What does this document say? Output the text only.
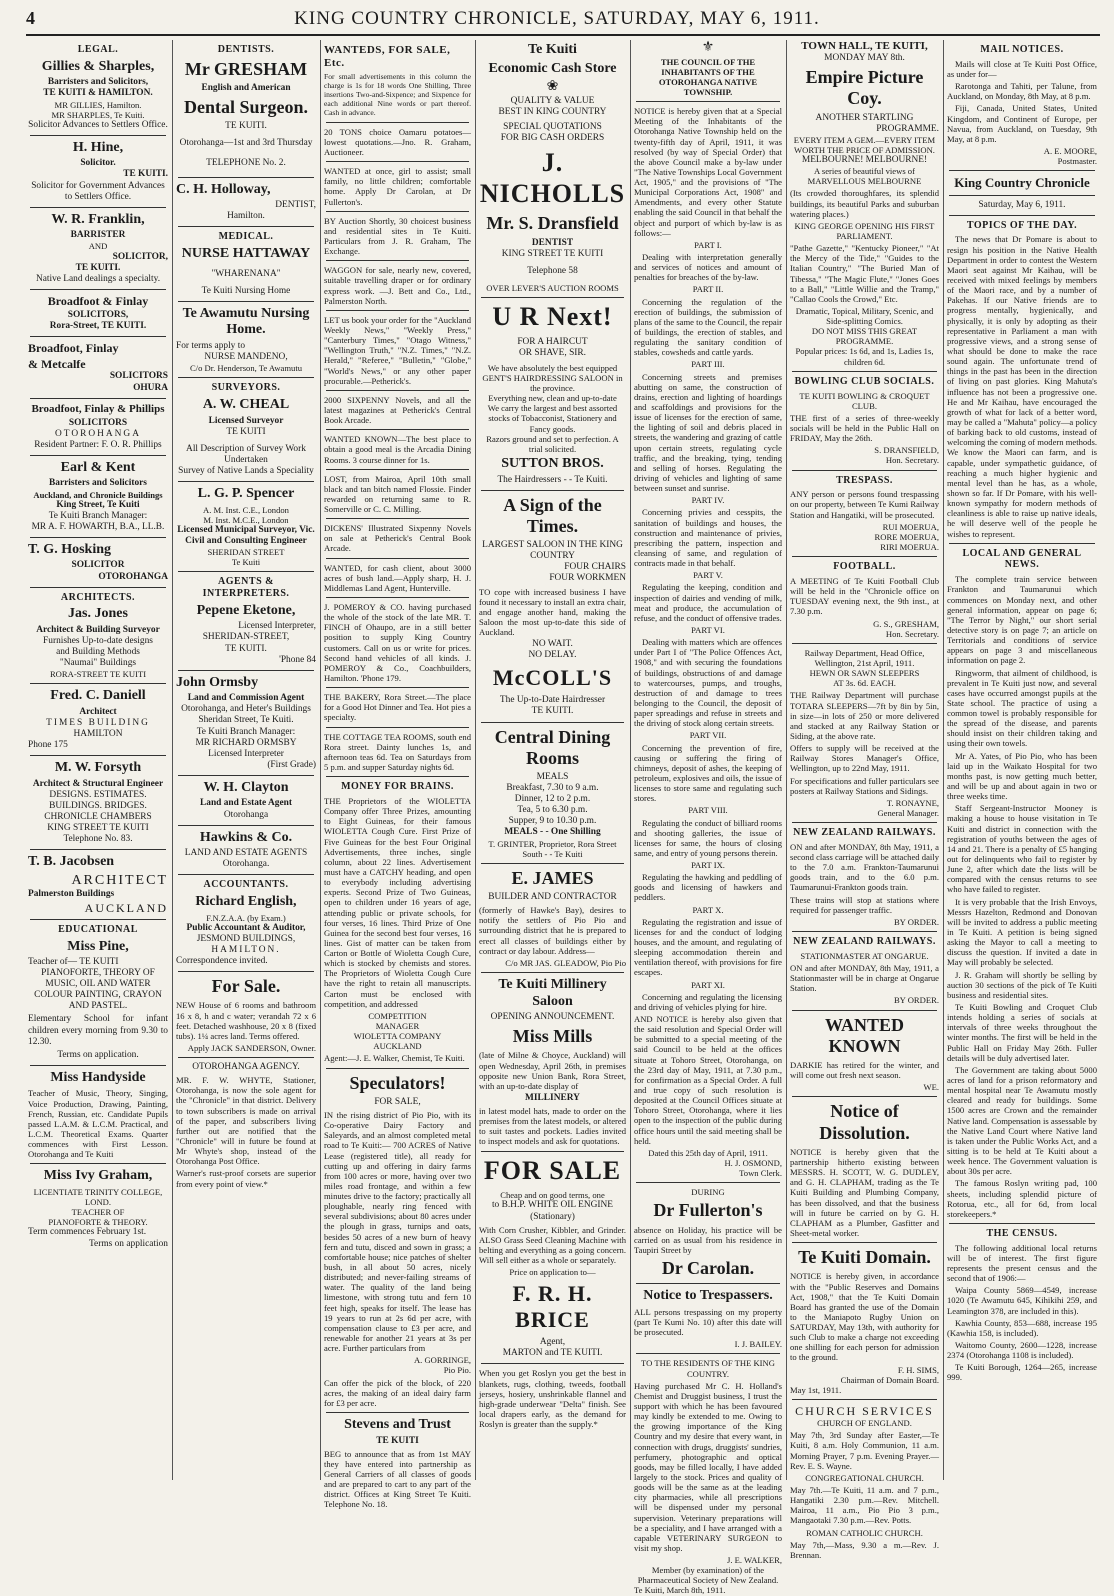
4	KING COUNTRY CHRONICLE, SATURDAY, MAY 6, 1911.
LEGAL.
Gillies & Sharples,
Barristers and Solicitors,
TE KUITI & HAMILTON.
MR GILLIES, Hamilton.
MR SHARPLES, Te Kuiti.
Solicitor Advances to Settlers Office.
H. Hine,
Solicitor.
TE KUITI.
Solicitor for Government Advances to Settlers Office.
W. R. Franklin,
BARRISTER
AND
SOLICITOR,
TE KUITI.
Native Land dealings a specialty.
Broadfoot & Finlay
SOLICITORS,
Rora-Street, TE KUITI.
Broadfoot, Finlay
& Metcalfe
SOLICITORS
OHURA
Broadfoot, Finlay & Phillips
SOLICITORS
OTOROHANGA
Resident Partner: F. O. R. Phillips
Earl & Kent
Barristers and Solicitors
Auckland, and Chronicle Buildings
King Street, Te Kuiti
Te Kuiti Branch Manager:
MR A. F. HOWARTH, B.A., LL.B.
T. G. Hosking
SOLICITOR
OTOROHANGA
ARCHITECTS.
Jas. Jones
Architect & Building Surveyor
Furnishes Up-to-date designs
and Building Methods
"Naumai" Buildings
RORA-STREET TE KUITI
Fred. C. Daniell
Architect
TIMES BUILDING
HAMILTON
Phone 175
M. W. Forsyth
Architect & Structural Engineer
DESIGNS. ESTIMATES.
BUILDINGS. BRIDGES.
CHRONICLE CHAMBERS
KING STREET TE KUITI
Telephone No. 83.
T. B. Jacobsen
ARCHITECT
Palmerston Buildings
AUCKLAND
EDUCATIONAL
Miss Pine,
Teacher of— TE KUITI
PIANOFORTE, THEORY OF MUSIC, OIL AND WATER COLOUR PAINTING, CRAYON AND PASTEL.
Elementary School for infant children every morning from 9.30 to 12.30.
Terms on application.
Miss Handyside
Teacher of Music, Theory, Singing, Voice Production, Drawing, Painting, French, Russian, etc. Candidate Pupils passed L.A.M. & L.C.M. Practical, and L.C.M. Theoretical Exams. Quarter commences with First Lesson. Otorohanga and Te Kuiti
Miss Ivy Graham,
LICENTIATE TRINITY COLLEGE, LOND.
TEACHER OF
PIANOFORTE & THEORY.
Term commences February 1st.
Terms on application
DENTISTS.
Mr GRESHAM
English and American
Dental Surgeon.
TE KUITI.
Otorohanga—1st and 3rd Thursday
TELEPHONE No. 2.
C. H. Holloway,
DENTIST,
Hamilton.
MEDICAL.
NURSE HATTAWAY
"WHARENANA"
Te Kuiti Nursing Home
Te Awamutu Nursing Home.
For terms apply to
NURSE MANDENO,
C/o Dr. Henderson, Te Awamutu
SURVEYORS.
A. W. CHEAL
Licensed Surveyor
TE KUITI
All Description of Survey Work Undertaken
Survey of Native Lands a Speciality
L. G. P. Spencer
A. M. Inst. C.E., London
M. Inst. M.C.E., London
Licensed Municipal Surveyor, Vic. Civil and Consulting Engineer
SHERIDAN STREET
Te Kuiti
AGENTS & INTERPRETERS.
Pepene Eketone,
Licensed Interpreter,
SHERIDAN-STREET,
TE KUITI.
'Phone 84
John Ormsby
Land and Commission Agent
Otorohanga, and Heter's Buildings Sheridan Street, Te Kuiti.
Te Kuiti Branch Manager:
MR RICHARD ORMSBY
Licensed Interpreter
(First Grade)
W. H. Clayton
Land and Estate Agent
Otorohanga
Hawkins & Co.
LAND AND ESTATE AGENTS
Otorohanga.
ACCOUNTANTS.
Richard English,
F.N.Z.A.A. (by Exam.)
Public Accountant & Auditor,
JESMOND BUILDINGS,
HAMILTON.
Correspondence invited.
For Sale.
NEW House of 6 rooms and bathroom 16 x 8, h and c water; verandah 72 x 6 feet. Detached washhouse, 20 x 8 (fixed tubs). 1¼ acres land. Terms offered.
Apply JACK SANDERSON, Owner.
OTOROHANGA AGENCY.
MR. F. W. WHYTE, Stationer, Otorohanga, is now the sole agent for the "Chronicle" in that district. Delivery to town subscribers is made on arrival of the paper, and subscribers living further out are notified that the "Chronicle" will in future be found at Mr Whyte's shop, instead of the Otorohanga Post Office.
Warner's rust-proof corsets are superior from every point of view.*
WANTEDS, FOR SALE, Etc.
For small advertisements in this column the charge is 1s for 18 words One Shilling, Three insertions Two-and-Sixpence; and Sixpence for each additional Nine words or part thereof. Cash in advance.
20 TONS choice Oamaru potatoes—lowest quotations.—Jno. R. Graham, Auctioneer.
WANTED at once, girl to assist; small family, no little children; comfortable home. Apply Dr Carolan, at Dr Fullerton's.
BY Auction Shortly, 30 choicest business and residential sites in Te Kuiti. Particulars from J. R. Graham, The Exchange.
WAGGON for sale, nearly new, covered, suitable travelling draper or for ordinary express work. —J. Bett and Co., Ltd., Palmerston North.
LET us book your order for the "Auckland Weekly News," "Weekly Press," "Canterbury Times," "Otago Witness," "Wellington Truth," "N.Z. Times," "N.Z. Herald," "Referee," "Bulletin," "Globe," "World's News," or any other paper procurable.—Petherick's.
2000 SIXPENNY Novels, and all the latest magazines at Petherick's Central Book Arcade.
WANTED KNOWN—The best place to obtain a good meal is the Arcadia Dining Rooms. 3 course dinner for 1s.
LOST, from Mairoa, April 10th small black and tan bitch named Flossie. Finder rewarded on returning same to R. Somerville or C. C. Milling.
DICKENS' Illustrated Sixpenny Novels on sale at Petherick's Central Book Arcade.
WANTED, for cash client, about 3000 acres of bush land.—Apply sharp, H. J. Middlemas Land Agent, Hunterville.
J. POMEROY & CO. having purchased the whole of the stock of the late MR. T. FINCH of Ohaupo, are in a still better position to supply King Country customers. Call on us or write for prices. Second hand vehicles of all kinds. J. POMEROY & Co., Coachbuilders, Hamilton. 'Phone 179.
THE BAKERY, Rora Street.—The place for a Good Hot Dinner and Tea. Hot pies a specialty.
THE COTTAGE TEA ROOMS, south end Rora street. Dainty lunches 1s, and afternoon teas 6d. Tea on Saturdays from 5 p.m. and supper Saturday nights 6d.
MONEY FOR BRAINS.
THE Proprietors of the WIOLETTA Company offer Three Prizes, amounting to Eight Guineas, for their famous WIOLETTA Cough Cure. First Prize of Five Guineas for the best Four Original Advertisements, three inches, single column, about 22 lines. Advertisement must have a CATCHY heading, and open to everybody including advertising experts. Second Prize of Two Guineas, open to children under 16 years of age, attending public or private schools, for four verses, 16 lines. Third Prize of One Guinea for the second best four verses, 16 lines. Gist of matter can be taken from Carton or Bottle of Wioletta Cough Cure, which is stocked by chemists and stores. The Proprietors of Wioletta Cough Cure have the right to retain all manuscripts. Carton must be enclosed with competition, and addressed
COMPETITION
MANAGER
WIOLETTA COMPANY
AUCKLAND
Agent:—J. E. Walker, Chemist, Te Kuiti.
Speculators!
FOR SALE,
IN the rising district of Pio Pio, with its Co-operative Dairy Factory and Saleyards, and an almost completed metal road to Te Kuiti:— 700 ACRES of Native Lease (registered title), all ready for cutting up and offering in dairy farms from 100 acres or more, having over two miles road frontage, and within a few minutes drive to the factory; practically all ploughable, nearly ring fenced with several subdivisions; about 80 acres under the plough in grass, turnips and oats, besides 50 acres of a new burn of heavy fern and tutu, disced and sown in grass; a comfortable house; nice patches of shelter bush, in all about 50 acres, nicely distributed; and never-failing streams of water. The quality of the land being limestone, with strong tutu and fern 10 feet high, speaks for itself. The lease has 19 years to run at 2s 6d per acre, with compensation clause to £3 per acre, and renewable for another 21 years at 3s per acre. Further particulars from
A. GORRINGE,
Pio Pio.
Can offer the pick of the block, of 220 acres, the making of an ideal dairy farm for £3 per acre.
Stevens and Trust
TE KUITI
BEG to announce that as from 1st MAY they have entered into partnership as General Carriers of all classes of goods and are prepared to cart to any part of the district. Offices at King Street Te Kuiti. Telephone No. 18.
Te Kuiti
Economic Cash Store
❀
QUALITY & VALUE
BEST IN KING COUNTRY
SPECIAL QUOTATIONS
FOR BIG CASH ORDERS
J. NICHOLLS
Mr. S. Dransfield
DENTIST
KING STREET TE KUITI
Telephone 58
OVER LEVER'S AUCTION ROOMS
U R Next!
FOR A HAIRCUT
OR SHAVE, SIR.
We have absolutely the best equipped
GENT'S HAIRDRESSING SALOON in the province.
Everything new, clean and up-to-date
We carry the largest and best assorted stocks of Tobacconist, Stationery and Fancy goods.
Razors ground and set to perfection. A trial solicited.
SUTTON BROS.
The Hairdressers - - Te Kuiti.
A Sign of the Times.
LARGEST SALOON IN THE KING COUNTRY
FOUR CHAIRS
FOUR WORKMEN
TO cope with increased business I have found it necessary to install an extra chair, and engage another hand, making the Saloon the most up-to-date this side of Auckland.
NO WAIT.
NO DELAY.
McCOLL'S
The Up-to-Date Hairdresser
TE KUITI.
Central Dining Rooms
MEALS
Breakfast, 7.30 to 9 a.m.
Dinner, 12 to 2 p.m.
Tea, 5 to 6.30 p.m.
Supper, 9 to 10.30 p.m.
MEALS - - One Shilling
T. GRINTER, Proprietor, Rora Street South - - Te Kuiti
E. JAMES
BUILDER AND CONTRACTOR
(formerly of Hawke's Bay), desires to notify the settlers of Pio Pio and surrounding district that he is prepared to erect all classes of buildings either by contract or day labour. Address—
C/o MR JAS. GLEADOW, Pio Pio
Te Kuiti Millinery Saloon
OPENING ANNOUNCEMENT.
Miss Mills
(late of Milne & Choyce, Auckland) will open Wednesday, April 26th, in premises opposite new Union Bank, Rora Street, with an up-to-date display of
MILLINERY
in latest model hats, made to order on the premises from the latest models, or altered to suit tastes and pockets. Ladies invited to inspect models and ask for quotations.
FOR SALE
Cheap and on good terms, one
to B.H.P. WHITE OIL ENGINE (Stationary)
With Corn Crusher, Kibbler, and Grinder. ALSO Grass Seed Cleaning Machine with belting and everything as a going concern. Will sell either as a whole or separately.
Price on application to—
F. R. H. BRICE
Agent,
MARTON and TE KUITI.
When you get Roslyn you get the best in blankets, rugs, clothing, tweeds, football jerseys, hosiery, unshrinkable flannel and high-grade underwear "Delta" finish. See local drapers early, as the demand for Roslyn is greater than the supply.*
⚜
THE COUNCIL OF THE INHABITANTS OF THE OTOROHANGA NATIVE TOWNSHIP.
NOTICE is hereby given that at a Special Meeting of the Inhabitants of the Otorohanga Native Township held on the twenty-fifth day of April, 1911, it was resolved (by way of Special Order) that the above Council make a by-law under "The Native Townships Local Government Act, 1905," and the provisions of "The Municipal Corporations Act, 1908" and Amendments, and every other Statute enabling the said Council in that behalf the object and purport of which by-law is as follows:—
PART I.
Dealing with interpretation generally and services of notices and amount of penalties for breaches of the by-law.
PART II.
Concerning the regulation of the erection of buildings, the submission of plans of the same to the Council, the repair of buildings, the erection of stables, and regulating the sanitary condition of stables, cowsheds and cattle yards.
PART III.
Concerning streets and premises abutting on same, the construction of drains, erection and lighting of hoardings and scaffoldings and provisions for the issue of licenses for the erection of same, the lighting of soil and debris placed in streets, the wandering and grazing of cattle upon certain streets, regulating cycle traffic, and the breaking, tying, tending and selling of horses. Regulating the driving of vehicles and lighting of same between sunset and sunrise.
PART IV.
Concerning privies and cesspits, the sanitation of buildings and houses, the construction and maintenance of privies, prescribing the pattern, inspection and cleansing of same, and regulation of contracts made in that behalf.
PART V.
Regulating the keeping, condition and inspection of dairies and vending of milk, meat and produce, the accumulation of refuse, and the conduct of offensive trades.
PART VI.
Dealing with matters which are offences under Part I of "The Police Offences Act, 1908," and with securing the foundations of buildings, obstructions of and damage to watercourses, pumps, and troughs, destruction of and damage to trees belonging to the Council, the deposit of paper spreadings and refuse in streets and the driving of stock along certain streets.
PART VII.
Concerning the prevention of fire, causing or suffering the firing of chimneys, deposit of ashes, the keeping of petroleum, explosives and oils, the issue of licenses to store same and regulating such stores.
PART VIII.
Regulating the conduct of billiard rooms and shooting galleries, the issue of licenses for same, the hours of closing same, and entry of young persons therein.
PART IX.
Regulating the hawking and peddling of goods and licensing of hawkers and peddlers.
PART X.
Regulating the registration and issue of licenses for and the conduct of lodging houses, and the amount, and regulating of sleeping accommodation therein and ventilation thereof, with provisions for fire escapes.
PART XI.
Concerning and regulating the licensing and driving of vehicles plying for hire.
AND NOTICE is hereby also given that the said resolution and Special Order will be submitted to a special meeting of the said Council to be held at the offices situate at Tohoro Street, Otorohanga, on the 23rd day of May, 1911, at 7.30 p.m., for confirmation as a Special Order. A full and true copy of such resolution is deposited at the Council Offices situate at Tohoro Street, Otorohanga, where it lies open to the inspection of the public during office hours until the said meeting shall be held.
Dated this 25th day of April, 1911.
H. J. OSMOND,
Town Clerk.
DURING
Dr Fullerton's
absence on Holiday, his practice will be carried on as usual from his residence in Taupiri Street by
Dr Carolan.
Notice to Trespassers.
ALL persons trespassing on my property (part Te Kumi No. 10) after this date will be prosecuted.
I. J. BAILEY.
TO THE RESIDENTS OF THE KING COUNTRY.
Having purchased Mr C. H. Holland's Chemist and Druggist business, I trust the support with which he has been favoured may kindly be extended to me. Owing to the growing importance of the King Country and my desire that every want, in connection with drugs, druggists' sundries, perfumery, photographic and optical goods, may be filled locally, I have added largely to the stock. Prices and quality of goods will be the same as at the leading city pharmacies, while all prescriptions will be dispensed under my personal supervision. Veterinary preparations will be a speciality, and I have arranged with a capable VETERINARY SURGEON to visit my shop.
J. E. WALKER,
Member (by examination) of the Pharmaceutical Society of New Zealand.
Te Kuiti, March 8th, 1911.
TOWN HALL, TE KUITI,
MONDAY MAY 8th.
Empire Picture Coy.
ANOTHER STARTLING
PROGRAMME.
EVERY ITEM A GEM.—EVERY ITEM WORTH THE PRICE OF ADMISSION.
MELBOURNE! MELBOURNE!
A series of beautiful views of MARVELLOUS MELBOURNE
(Its crowded thoroughfares, its splendid buildings, its beautiful Parks and suburban watering places.)
KING GEORGE OPENING HIS FIRST PARLIAMENT.
"Pathe Gazette," "Kentucky Pioneer," "At the Mercy of the Tide," "Guides to the Italian Country," "The Buried Man of Tibessa," "The Magic Flute," "Jones Goes to a Ball," "Little Willie and the Tramp," "Callao Cools the Crowd," Etc.
Dramatic, Topical, Military, Scenic, and Side-splitting Comics.
DO NOT MISS THIS GREAT PROGRAMME.
Popular prices: 1s 6d, and 1s, Ladies 1s, children 6d.
BOWLING CLUB SOCIALS.
TE KUITI BOWLING & CROQUET CLUB.
THE first of a series of three-weekly socials will be held in the Public Hall on FRIDAY, May the 26th.
S. DRANSFIELD,
Hon. Secretary.
TRESPASS.
ANY person or persons found trespassing on our property, between Te Kumi Railway Station and Hangatiki, will be prosecuted.
RUI MOERUA,
RORE MOERUA,
RIRI MOERUA.
FOOTBALL.
A MEETING of Te Kuiti Football Club will be held in the "Chronicle office on TUESDAY evening next, the 9th inst., at 7.30 p.m.
G. S., GRESHAM,
Hon. Secretary.
Railway Department, Head Office, Wellington, 21st April, 1911.
HEWN OR SAWN SLEEPERS
AT 3s. 6d. EACH.
THE Railway Department will purchase TOTARA SLEEPERS—7ft by 8in by 5in, in size—in lots of 250 or more delivered and stacked at any Railway Station or Siding, at the above rate.
Offers to supply will be received at the Railway Stores Manager's Office, Wellington, up to 22nd May, 1911.
For specifications and fuller particulars see posters at Railway Stations and Sidings.
T. RONAYNE,
General Manager.
NEW ZEALAND RAILWAYS.
ON and after MONDAY, 8th May, 1911, a second class carriage will be attached daily to the 7.0 a.m. Frankton-Taumarunui goods train, and to the 6.0 p.m. Taumarunui-Frankton goods train.
These trains will stop at stations where required for passenger traffic.
BY ORDER.
NEW ZEALAND RAILWAYS.
STATIONMASTER AT ONGARUE.
ON and after MONDAY, 8th May, 1911, a Stationmaster will be in charge at Ongarue Station.
BY ORDER.
WANTED KNOWN
DARKIE has retired for the winter, and will come out fresh next season.
WE.
Notice of Dissolution.
NOTICE is hereby given that the partnership hitherto existing between MESSRS. H. SCOTT, W. G. DUDLEY, and G. H. CLAPHAM, trading as the Te Kuiti Building and Plumbing Company, has been dissolved, and that the business will in future be carried on by G. H. CLAPHAM as a Plumber, Gasfitter and Sheet-metal worker.
Te Kuiti Domain.
NOTICE is hereby given, in accordance with the "Public Reserves and Domains Act, 1908," that the Te Kuiti Domain Board has granted the use of the Domain to the Maniapoto Rugby Union on SATURDAY, May 13th, with authority for such Club to make a charge not exceeding one shilling for each person for admission to the ground.
F. H. SIMS,
Chairman of Domain Board.
May 1st, 1911.
CHURCH SERVICES
CHURCH OF ENGLAND.
May 7th, 3rd Sunday after Easter,—Te Kuiti, 8 a.m. Holy Communion, 11 a.m. Morning Prayer, 7 p.m. Evening Prayer.—Rev. E. S. Wayne.
CONGREGATIONAL CHURCH.
May 7th.—Te Kuiti, 11 a.m. and 7 p.m., Hangatiki 2.30 p.m.—Rev. Mitchell. Mairoa, 11 a.m., Pio Pio 3 p.m., Mangaotaki 7.30 p.m.—Rev. Potts.
ROMAN CATHOLIC CHURCH.
May 7th,—Mass, 9.30 a m.—Rev. J. Brennan.
MAIL NOTICES.
Mails will close at Te Kuiti Post Office, as under for—
Rarotonga and Tahiti, per Talune, from Auckland, on Monday, 8th May, at 8 p.m.
Fiji, Canada, United States, United Kingdom, and Continent of Europe, per Navua, from Auckland, on Tuesday, 9th May, at 8 p.m.
A. E. MOORE,
Postmaster.
King Country Chronicle
Saturday, May 6, 1911.
TOPICS OF THE DAY.
The news that Dr Pomare is about to resign his position in the Native Health Department in order to contest the Western Maori seat against Mr Kaihau, will be received with mixed feelings by members of the Maori race, and by a number of Pakehas. If our Native friends are to progress mentally, hygienically, and physically, it is only by adopting as their representative in Parliament a man with progressive views, and a strong sense of what should be done to make the race sound again. The unfortunate trend of things in the past has been in the direction of living on past glories. King Mahuta's influence has not been a progressive one. He and Mr Kaihau, have encouraged the growth of what for lack of a better word, may be called a "Mahuta" policy—a policy of barking back to old customs, instead of welcoming the coming of modern methods. We know the Maori can farm, and is capable, under sympathetic guidance, of reaching a much higher hygienic and mental level than he has, as a whole, shown so far. If Dr Pomare, with his well-known sympathy for modern methods of cleanliness is able to raise up native ideals, he will deserve well of the people he wishes to represent.
LOCAL AND GENERAL NEWS.
The complete train service between Frankton and Taumarunui which commences on Monday next, and other general information, appear on page 6; "The Terror by Night," our short serial detective story is on page 7; an article on Territorials and conditions of service appears on page 3 and miscellaneous information on page 2.
Ringworm, that ailment of childhood, is prevalent in Te Kuiti just now, and several cases have occurred amongst pupils at the State school. The practice of using a common towel is probably responsible for the spread of the disease, and parents should insist on their children taking and using their own towels.
Mr A. Yates, of Pio Pio, who has been laid up in the Waikato Hospital for two months past, is now getting much better, and will be up and about again in two or three weeks time.
Staff Sergeant-Instructor Mooney is making a house to house visitation in Te Kuiti and district in connection with the registration of youths between the ages of 14 and 21. There is a penalty of £5 hanging out for delinquents who fail to register by June 2, after which date the lists will be compared with the census returns to see who have failed to register.
It is very probable that the Irish Envoys, Messrs Hazelton, Redmond and Donovan will be invited to address a public meeting in Te Kuiti. A petition is being signed asking the Mayor to call a meeting to discuss the question. If invited a date in May will probably be selected.
J. R. Graham will shortly be selling by auction 30 sections of the pick of Te Kuiti business and residential sites.
Te Kuiti Bowling and Croquet Club intends holding a series of socials at intervals of three weeks throughout the winter months. The first will be held in the Public Hall on Friday May 26th. Fuller details will be duly advertised later.
The Government are taking about 5000 acres of land for a prison reformatory and mental hospital near Te Awamutu mostly cleared and ready for buildings. Some 1500 acres are Crown and the remainder Native land. Compensation is assessable by the Native Land Court where Native land is taken under the Public Works Act, and a sitting is to be held at Te Kuiti about a week hence. The Government valuation is about 30s per acre.
The famous Roslyn writing pad, 100 sheets, including splendid picture of Rotorua, etc., all for 6d, from local storekeepers.*
THE CENSUS.
The following additional local returns will be of interest. The first figure represents the present census and the second that of 1906:—
Waipa County 5869—4549, increase 1020 (Te Awamutu 645, Kihikihi 259, and Leamington 378, are included in this).
Kawhia County, 853—688, increase 195 (Kawhia 158, is included).
Waitomo County, 2600—1228, increase 2374 (Otorohanga 1108 is included).
Te Kuiti Borough, 1264—265, increase 999.
